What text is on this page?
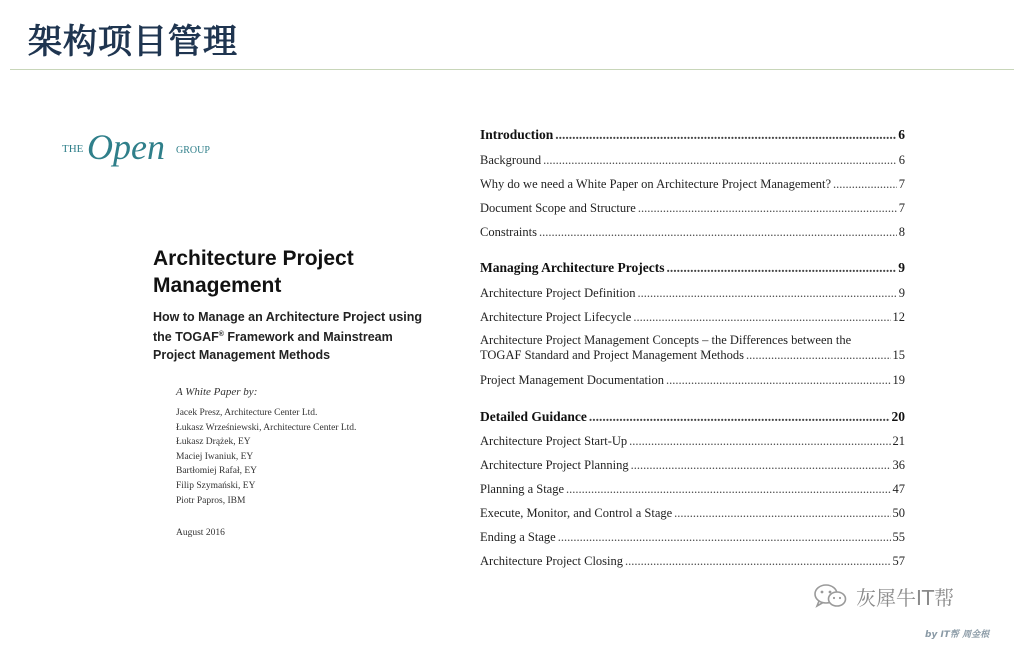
架构项目管理
THE Open GROUP
Architecture Project
Management
How to Manage an Architecture Project using
the TOGAF® Framework and Mainstream
Project Management Methods
A White Paper by:
Jacek Presz, Architecture Center Ltd.
Łukasz Wrześniewski, Architecture Center Ltd.
Łukasz Drążek, EY
Maciej Iwaniuk, EY
Bartłomiej Rafał, EY
Filip Szymański, EY
Piotr Papros, IBM
August 2016
Introduction .....	6
Background .....	6
Why do we need a White Paper on Architecture Project Management? .....	7
Document Scope and Structure .....	7
Constraints .....	8
Managing Architecture Projects .....	9
Architecture Project Definition .....	9
Architecture Project Lifecycle .....	12
Architecture Project Management Concepts – the Differences between the
TOGAF Standard and Project Management Methods .....	15
Project Management Documentation .....	19
Detailed Guidance .....	20
Architecture Project Start-Up .....	21
Architecture Project Planning .....	36
Planning a Stage .....	47
Execute, Monitor, and Control a Stage .....	50
Ending a Stage .....	55
Architecture Project Closing .....	57
灰犀牛IT帮
by IT帮 周金根
